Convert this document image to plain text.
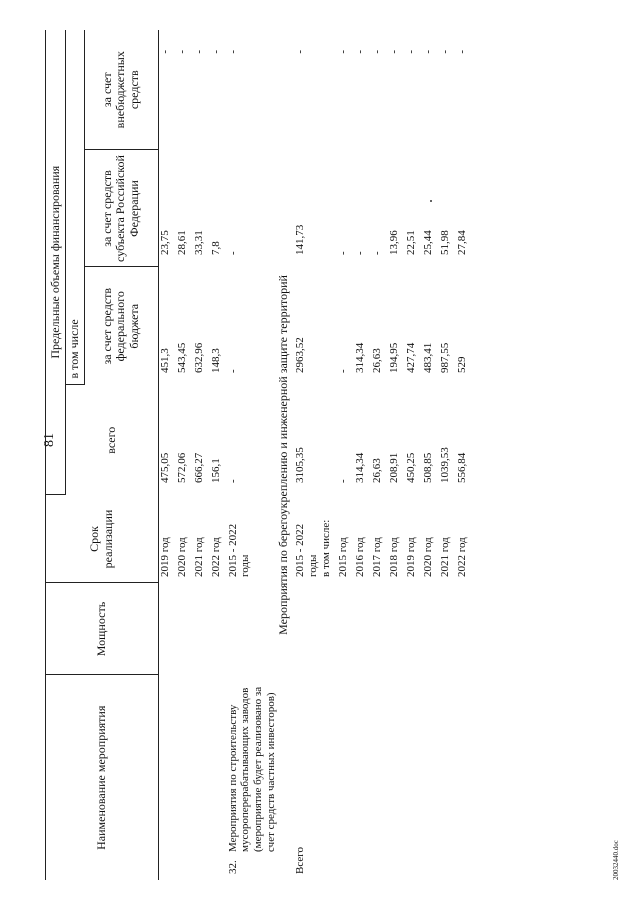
81
20032440.doc
Наименование мероприятия	Мощность	Срок реализации	Предельные объемы финансирования			
			всего	в том числе		
				за счет средств федерального бюджета	за счет средств субъекта Российской Федерации	за счет внебюджетных средств
		2019 год	475,05	451,3	23,75	-
		2020 год	572,06	543,45	28,61	-
		2021 год	666,27	632,96	33,31	-
		2022 год	156,1	148,3	7,8	-
32.Мероприятия по строительству мусороперерабатывающих заводов (мероприятие будет реализовано за счет средств частных инвесторов)		2015 - 2022 годы	-	-	-	-
Мероприятия по берегоукреплению и инженерной защите территорий						
Всего		2015 - 2022 годы	3105,35	2963,52	141,73	-
		в том числе:				
		2015 год	-	-	-	-
		2016 год	314,34	314,34	-	-
		2017 год	26,63	26,63	-	-
		2018 год	208,91	194,95	13,96	-
		2019 год	450,25	427,74	22,51	-
		2020 год	508,85	483,41	25,44	-
		2021 год	1039,53	987,55	51,98	-
		2022 год	556,84	529	27,84	-
